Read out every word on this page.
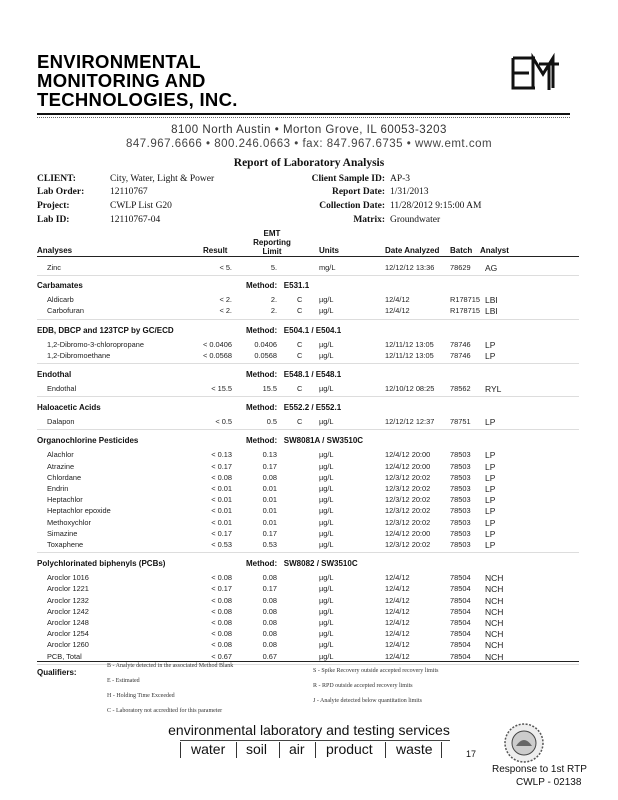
ENVIRONMENTAL
MONITORING AND
TECHNOLOGIES, INC.
8100 North Austin • Morton Grove, IL 60053-3203
847.967.6666 • 800.246.0663 • fax: 847.967.6735 • www.emt.com
Report of Laboratory Analysis
CLIENT:	City, Water, Light & Power
Lab Order:	12110767
Project:	CWLP List G20
Lab ID:	12110767-04
Client Sample ID: AP-3
Report Date: 1/31/2013
Collection Date: 11/28/2012 9:15:00 AM
Matrix: Groundwater
Analyses	Result
EMT
Reporting
Limit	Units	Date Analyzed Batch Analyst
Zinc	< 5.	5.	mg/L	12/12/12 13:36 78629 AG
Carbamates	Method: E531.1
Aldicarb	< 2.	2.	C µg/L	12/4/12	R178715 LBI
Carbofuran	< 2.	2.	C µg/L	12/4/12	R178715 LBI
EDB, DBCP and 123TCP by GC/ECD	Method: E504.1 / E504.1
1,2-Dibromo-3-chloropropane	< 0.0406	0.0406	C µg/L	12/11/12 13:05 78746 LP
1,2-Dibromoethane	< 0.0568	0.0568	C µg/L	12/11/12 13:05 78746 LP
Endothal	Method: E548.1 / E548.1
Endothal	< 15.5	15.5	C µg/L	12/10/12 08:25 78562 RYL
Haloacetic Acids	Method: E552.2 / E552.1
Dalapon	< 0.5	0.5	C µg/L	12/12/12 12:37 78751 LP
Organochlorine Pesticides	Method: SW8081A / SW3510C
Alachlor	< 0.13	0.13	µg/L	12/4/12 20:00	78503 LP
Atrazine	< 0.17	0.17	µg/L	12/4/12 20:00	78503 LP
Chlordane	< 0.08	0.08	µg/L	12/3/12 20:02	78503 LP
Endrin	< 0.01	0.01	µg/L	12/3/12 20:02	78503 LP
Heptachlor	< 0.01	0.01	µg/L	12/3/12 20:02	78503 LP
Heptachlor epoxide	< 0.01	0.01	µg/L	12/3/12 20:02	78503 LP
Methoxychlor	< 0.01	0.01	µg/L	12/3/12 20:02	78503 LP
Simazine	< 0.17	0.17	µg/L	12/4/12 20:00	78503 LP
Toxaphene	< 0.53	0.53	µg/L	12/3/12 20:02	78503 LP
Polychlorinated biphenyls (PCBs)	Method: SW8082 / SW3510C
Aroclor 1016	< 0.08	0.08	µg/L	12/4/12	78504 NCH
Aroclor 1221	< 0.17	0.17	µg/L	12/4/12	78504 NCH
Aroclor 1232	< 0.08	0.08	µg/L	12/4/12	78504 NCH
Aroclor 1242	< 0.08	0.08	µg/L	12/4/12	78504 NCH
Aroclor 1248	< 0.08	0.08	µg/L	12/4/12	78504 NCH
Aroclor 1254	< 0.08	0.08	µg/L	12/4/12	78504 NCH
Aroclor 1260	< 0.08	0.08	µg/L	12/4/12	78504 NCH
PCB, Total	< 0.67	0.67	µg/L	12/4/12	78504 NCH
Qualifiers:
B - Analyte detected in the associated Method Blank
E - Estimated
H - Holding Time Exceeded
C - Laboratory not accredited for this parameter
S - Spike Recovery outside accepted recovery limits
R - RPD outside accepted recovery limits
J - Analyte detected below quantitation limits
environmental laboratory and testing services
water soil air product waste	17
Response to 1st RTP
CWLP - 02138
